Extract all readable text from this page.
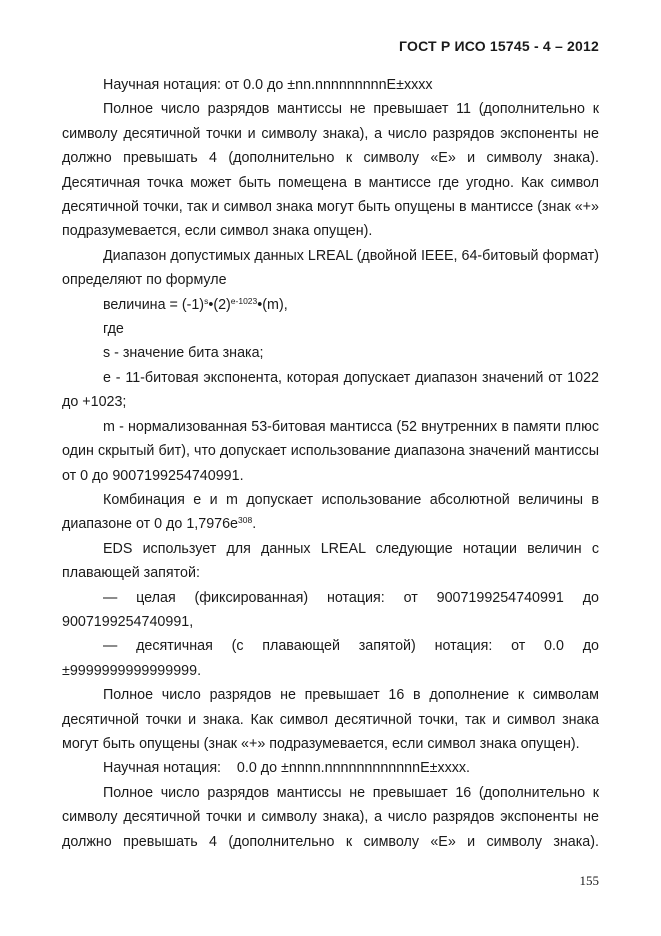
ГОСТ Р ИСО 15745 - 4 – 2012

Научная нотация: от 0.0 до ±nn.nnnnnnnnnE±xxxx

Полное число разрядов мантиссы не превышает 11 (дополнительно к символу десятичной точки и символу знака), а число разрядов экспоненты не должно превышать 4 (дополнительно к символу «E» и символу знака). Десятичная точка может быть помещена в мантиссе где угодно. Как символ десятичной точки, так и символ знака могут быть опущены в мантиссе (знак «+» подразумевается, если символ знака опущен).

Диапазон допустимых данных LREAL (двойной IEEE, 64-битовый формат) определяют по формуле

величина = $(-1)^s•(2)^{e-1023}•(m)$,

где

s - значение бита знака;

e - 11-битовая экспонента, которая допускает диапазон значений от 1022 до +1023;

m - нормализованная 53-битовая мантисса (52 внутренних в памяти плюс один скрытый бит), что допускает использование диапазона значений мантиссы от 0 до 9007199254740991.

Комбинация e и m допускает использование абсолютной величины в диапазоне от 0 до $1,7976e^{308}$.

EDS использует для данных LREAL следующие нотации величин с плавающей запятой:

— целая (фиксированная) нотация: от 9007199254740991 до 9007199254740991,

— десятичная (с плавающей запятой) нотация: от 0.0 до ±9999999999999999.

Полное число разрядов не превышает 16 в дополнение к символам десятичной точки и знака. Как символ десятичной точки, так и символ знака могут быть опущены (знак «+» подразумевается, если символ знака опущен).

Научная нотация:    0.0 до ±nnnn.nnnnnnnnnnnnE±xxxx.

Полное число разрядов мантиссы не превышает 16 (дополнительно к символу десятичной точки и символу знака), а число разрядов экспоненты не должно превышать 4 (дополнительно к символу «E» и символу знака).

155
